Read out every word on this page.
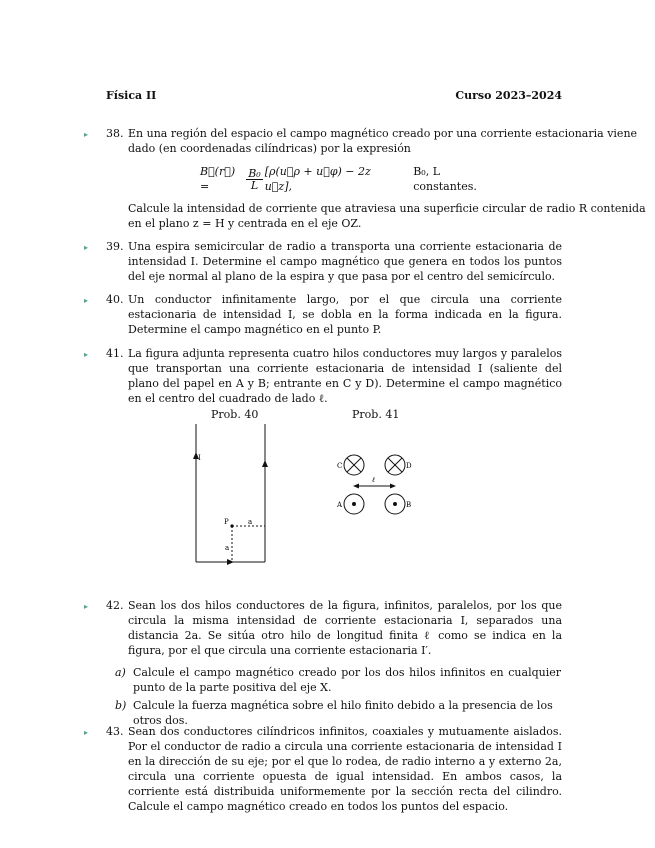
Física II	Curso 2023–2024
▸	38. En una región del espacio el campo magnético creado por una corriente estacionaria viene

dado (en coordenadas cilíndricas) por la expresión

B⃗(r⃗) =	$\frac{\text{B₀}}{L}$ [ρ(u⃗ρ + u⃗φ) − 2z u⃗z],
B₀, L constantes.

Calcule la intensidad de corriente que atraviesa una superficie circular de radio R contenida

en el plano z = H y centrada en el eje OZ.

▸	39. Una espira semicircular de radio a transporta una corriente estacionaria de intensidad I. Determine el campo magnético que genera en todos los puntos del eje normal al plano de la espira y que pasa por el centro del semicírculo.

▸	40. Un conductor infinitamente largo, por el que circula una corriente estacionaria de intensidad I, se dobla en la forma indicada en la figura. Determine el campo magnético en el punto P.

▸	41. La figura adjunta representa cuatro hilos conductores muy largos y paralelos que transportan una corriente estacionaria de intensidad I (saliente del plano del papel en A y B; entrante en C y D). Determine el campo magnético en el centro del cuadrado de lado ℓ.

Prob. 40	Prob. 41
I
P	a
a
C	D
A	B
ℓ
▸	42. Sean los dos hilos conductores de la figura, infinitos, paralelos, por los que circula la misma intensidad de corriente estacionaria I, separados una distancia 2a. Se sitúa otro hilo de longitud finita ℓ como se indica en la figura, por el que circula una corriente estacionaria I′.

a) Calcule el campo magnético creado por los dos hilos infinitos en cualquier punto de la parte positiva del eje X.
b) Calcule la fuerza magnética sobre el hilo finito debido a la presencia de los otros dos.
▸	43. Sean dos conductores cilíndricos infinitos, coaxiales y mutuamente aislados. Por el conductor de radio a circula una corriente estacionaria de intensidad I en la dirección de su eje; por el que lo rodea, de radio interno a y externo 2a, circula una corriente opuesta de igual intensidad. En ambos casos, la corriente está distribuida uniformemente por la sección recta del cilindro. Calcule el campo magnético creado en todos los puntos del espacio.
